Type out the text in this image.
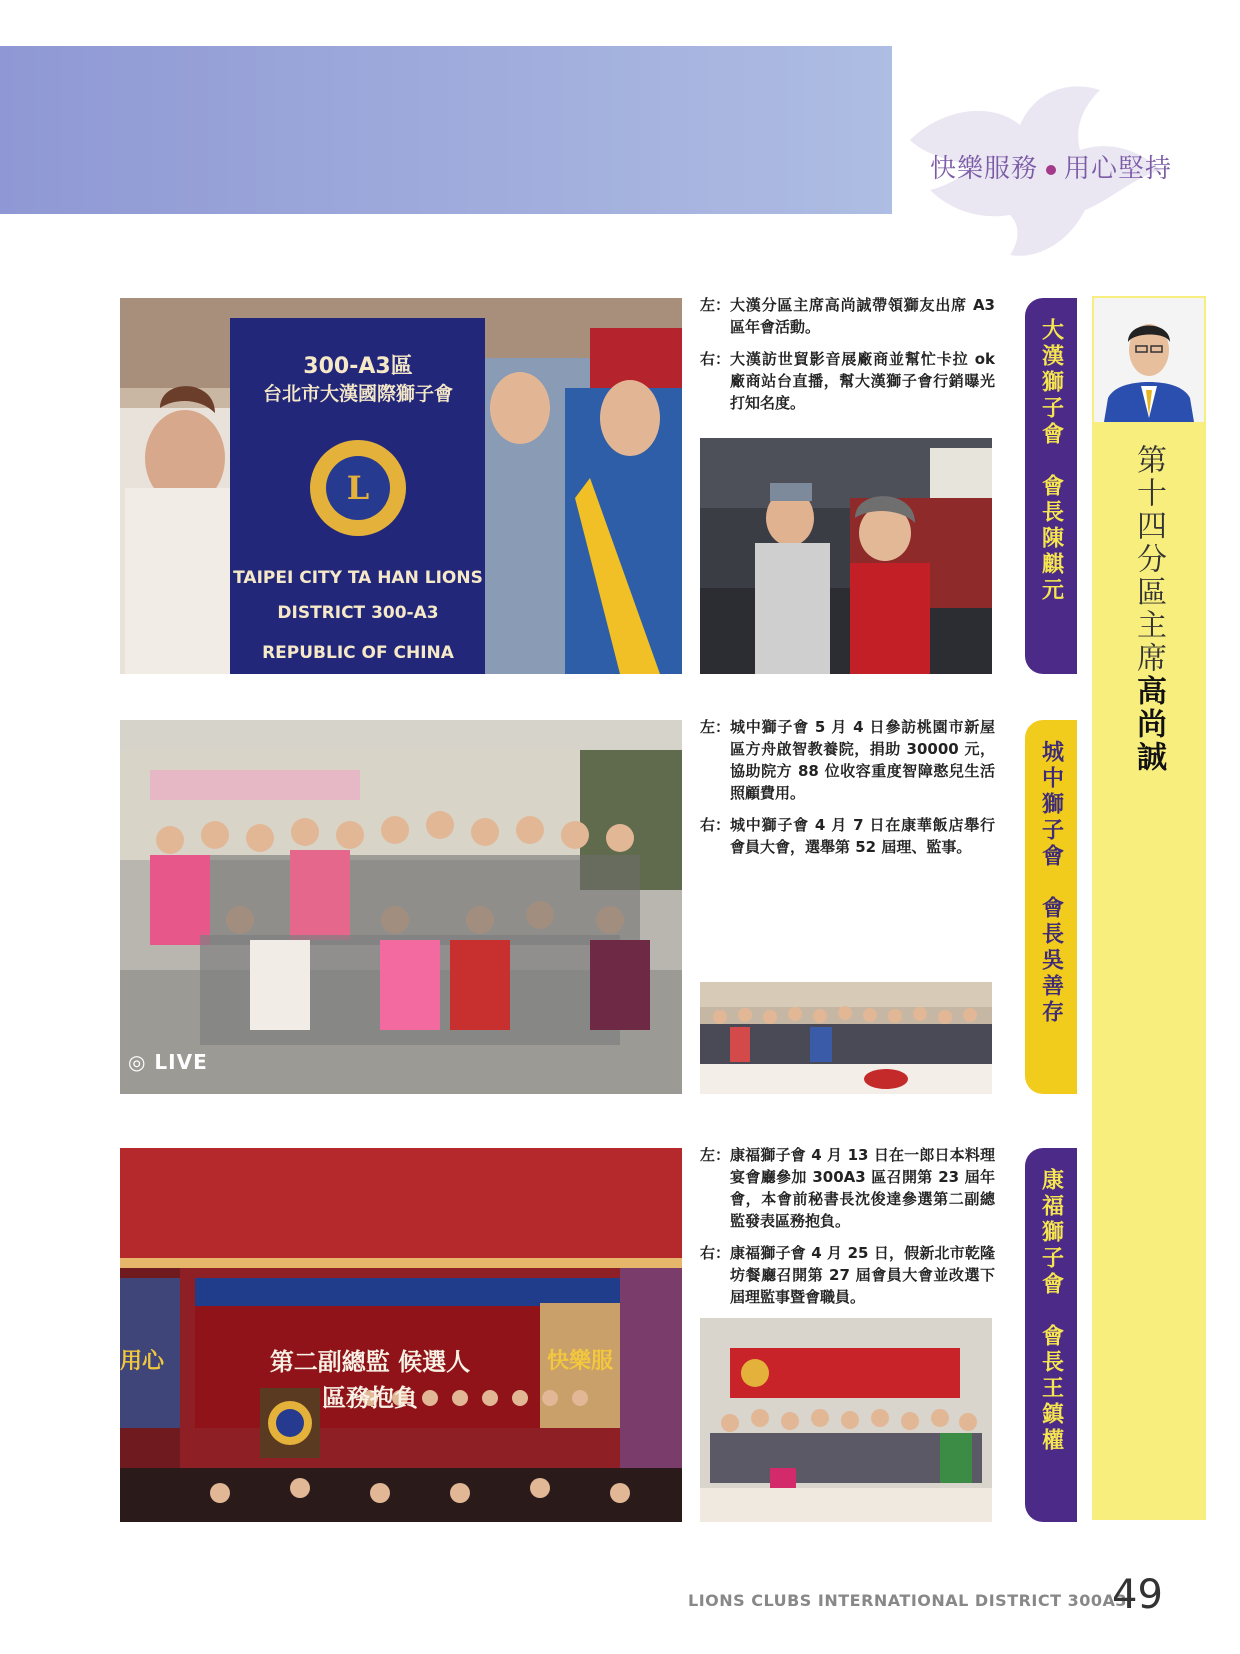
快樂服務 用心堅持
第十四分區主席高尚誠
L
300-A3區
台北市大漢國際獅子會
TAIPEI CITY TA HAN LIONS
DISTRICT 300-A3
REPUBLIC OF CHINA
左： 大漢分區主席高尚誠帶領獅友出席 A3 區年會活動。
右： 大漢訪世貿影音展廠商並幫忙卡拉 ok 廠商站台直播，幫大漢獅子會行銷曝光打知名度。	大漢獅子會　會長陳麒元
◎ LIVE
左： 城中獅子會 5 月 4 日參訪桃園市新屋區方舟啟智教養院，捐助 30000 元，協助院方 88 位收容重度智障憨兒生活照顧費用。
右： 城中獅子會 4 月 7 日在康華飯店舉行會員大會，選舉第 52 屆理、監事。	城中獅子會　會長吳善存
第二副總監 候選人
區務抱負
用心	快樂服
左： 康福獅子會 4 月 13 日在一郎日本料理宴會廳參加 300A3 區召開第 23 屆年會，本會前秘書長沈俊達參選第二副總監發表區務抱負。
右： 康福獅子會 4 月 25 日，假新北市乾隆坊餐廳召開第 27 屆會員大會並改選下屆理監事暨會職員。	康福獅子會　會長王鎮權
LIONS CLUBS INTERNATIONAL DISTRICT 300A3
49
